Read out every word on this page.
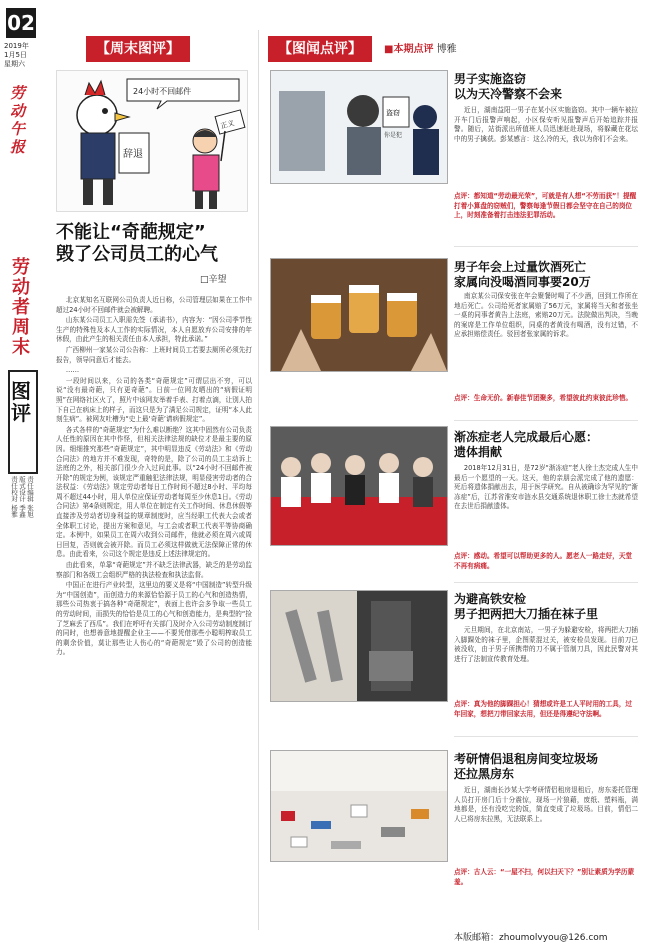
02
2019年
1月5日
星期六
劳动午报
劳动者周末
图评
责任编辑 张旭
版式设计 季鑫
责任校对 杨雅
【周末图评】
辞退
24小时不回邮件
正义
不能让“奇葩规定”
毁了公司员工的心气
□辛望

北京某知名互联网公司负责人近日称，公司管理层如果在工作中超过24小时不回邮件就会被解聘。

山东某公司员工入职需先签（承诺书），内容为：“因公司季节性生产的特殊性及本人工作的实际情况，本人自愿放弃公司安排的年休假，由此产生的相关责任由本人承担，特此承诺。”

广西柳州一家某公司公告称：上班时间员工若要去厕所必须先打报告，领导同意后才能去。

……

一段时间以来，公司的各类“奇葩规定”可谓层出不穷，可以说“没有最奇葩，只有更奇葩”。日前一位网友晒出的“病假证明照”在网络社区火了，照片中该网友举着手表、打着点滴，让别人拍下自己在病床上的样子，而这只是为了满足公司规定，证明“本人此刻生病”。被网友吐槽为“史上最‘奇葩’请病假规定”。

各式各样的“奇葩规定”为什么难以断绝？这其中固然有公司负责人任性的原因在其中作怪，但相关法律法规的缺位才是最主要的原因。细细推究那些“奇葩规定”，其中明显违反《劳动法》和《劳动合同法》的地方并不难发现，奇特的是，除了公司的员工主动诉上法庭的之外，相关部门很少介入过问此事。以“24小时不回邮件被开除”的规定为例，该规定严重触犯法律法规，明显侵害劳动者的合法权益：《劳动法》规定劳动者每日工作时间不超过8小时、平均每周不超过44小时，用人单位应保证劳动者每周至少休息1日。《劳动合同法》第4条则规定，用人单位在制定有关工作时间、休息休假等直接涉及劳动者切身利益的规章制度时，应当经职工代表大会或者全体职工讨论，提出方案和意见，与工会或者职工代表平等协商确定。本例中，如果员工在周六收到公司邮件，他就必须在周六或周日回复，否则就会被开除。而员工必须这样做就无法保障正常的休息。由此看来，公司这个规定是违反上述法律规定的。

由此看来，单靠“奇葩规定”并不缺乏法律武器，缺乏的是劳动监察部门和各级工会组织严格的执法检查和执法监督。

中国正在进行产业转型，这里边的要义是将“中国制造”转型升级为“中国创造”，而创造力的来源恰恰源于员工的心气和创造热情，那些公司热衷于搞各种“奇葩规定”，表面上也许会多争取一些员工的劳动时间，而损失的恰恰是员工的心气和创造能力，是典型的“捡了芝麻丢了西瓜”。我们在呼吁有关部门及时介入公司劳动制度制订的同时，也想善意地提醒企业主——不要凭借那些小聪明榨取员工的剩余价值，莫让那些让人伤心的“奇葩规定”毁了公司的创造能力。

【图闻点评】	■本期点评 博雅
盗窃
你是犯
男子实施盗窃
以为天冷警察不会来

近日，湖南益阳一男子在某小区实施盗窃。其中一辆车被拉开车门后报警声响起，小区保安听见报警声后开始追踪并报警。随后，站街派出所值班人员迅速赶赴现场，将躲藏在花坛中的男子擒获。彭某感言：这么冷的天，我以为你们不会来。

点评：都知道“劳动最光荣”，可就是有人想“不劳而获”！提醒打着小算盘的窃贼们，警察每逢节假日都会坚守在自己的岗位上，时刻准备着打击违法犯罪活动。
男子年会上过量饮酒死亡
家属向没喝酒同事要20万

南京某公司保安张在年会聚餐时喝了不少酒，回到工作所在地后死亡。公司给死者家属赔了56万元，家属将当天和者张坐一桌的同事者黄告上法庭，索赔20万元。法院做出判决，当晚的案席是工作单位组织，同桌的者黄没有喝酒，没有过错，不应承担赔偿责任。驳回者张家属的诉求。

点评：生命无价。新春佳节团聚多，希望彼此约束彼此珍惜。
渐冻症老人完成最后心愿：
遗体捐献

2018年12月31日，是72岁“渐冻症”老人徐士杰完成人生中最后一个愿望的一天。这天，他的亲朋会派完成了他的遗愿：死后将遗体捐献出去，用于医学研究。自从被确诊为罕见的“渐冻症”后，江苏省淮安市涟水县交通系统退休职工徐士杰就希望在去世后捐献遗体。

点评：感动。希望可以帮助更多的人。愿老人一路走好，天堂不再有病痛。
为避高铁安检
男子把两把大刀插在袜子里

元旦期间，在北京南站，一男子为躲避安检，将两把大刀插入脚踝处的袜子里，企图蒙混过关，被安检员发现。目前刀已被没收，由于男子所携带的刀不属于管制刀具，因此民警对其进行了法制宣传教育处理。

点评：真为他的脚踝担心！猜想或许是工人平时用的工具，过年回家，想把刀带回家去用，但还是得遵纪守法啊。
考研情侣退租房间变垃圾场
还拉黑房东

近日，湖南长沙某大学考研情侣租房退租后，房东委托管理人员打开房门后十分震惊，现场一片狼藉，废纸、塑料瓶，满地都是，还有没吃完的饭，简直变成了垃圾场。目前，情侣二人已将房东拉黑，无法联系上。

点评：古人云：“一屋不扫，何以扫天下？”别让素质为学历蒙羞。
本版邮箱：zhoumolvyou@126.com
